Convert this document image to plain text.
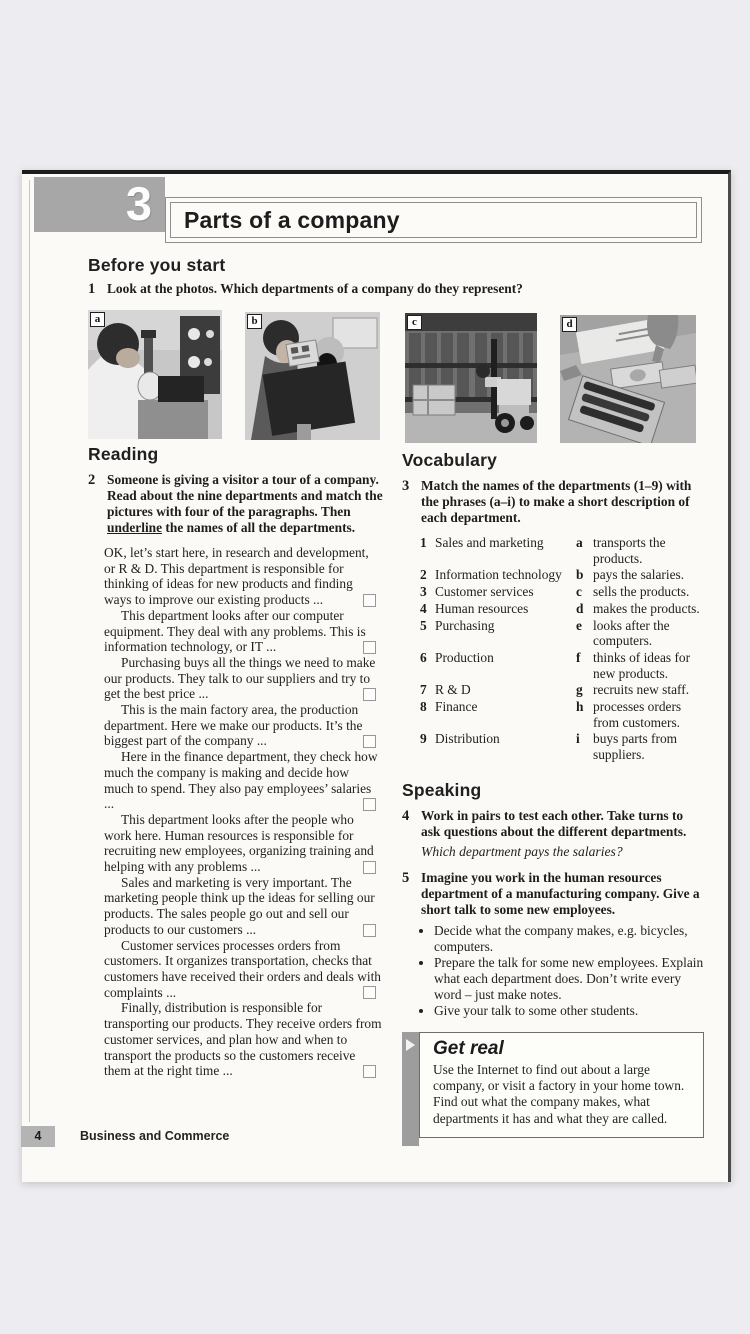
3	Parts of a company
Before you start
1 Look at the photos. Which departments of a company do they represent?
a	b	c	d
Reading
2 Someone is giving a visitor a tour of a company. Read about the nine departments and match the pictures with four of the paragraphs. Then underline the names of all the departments.

OK, let’s start here, in research and development, or R & D. This department is responsible for thinking of ideas for new products and finding ways to improve our existing products ...

This department looks after our computer equipment. They deal with any problems. This is information technology, or IT ...

Purchasing buys all the things we need to make our products. They talk to our suppliers and try to get the best price ...

This is the main factory area, the production department. Here we make our products. It’s the biggest part of the company ...

Here in the finance department, they check how much the company is making and decide how much to spend. They also pay employees’ salaries ...

This department looks after the people who work here. Human resources is responsible for recruiting new employees, organizing training and helping with any problems ...

Sales and marketing is very important. The marketing people think up the ideas for selling our products. The sales people go out and sell our products to our customers ...

Customer services processes orders from customers. It organizes transportation, checks that customers have received their orders and deals with complaints ...

Finally, distribution is responsible for transporting our products. They receive orders from customer services, and plan how and when to transport the products so the customers receive them at the right time ...

Vocabulary
3 Match the names of the departments (1–9) with the phrases (a–i) to make a short description of each department.
1 Sales and marketing	a transports the products.
2 Information technology	b pays the salaries.
3 Customer services	c sells the products.
4 Human resources	d makes the products.
5 Purchasing	e looks after the computers.
6 Production	f thinks of ideas for new products.
7 R & D	g recruits new staff.
8 Finance	h processes orders from customers.
9 Distribution	i buys parts from suppliers.
Speaking
4 Work in pairs to test each other. Take turns to ask questions about the different departments.
Which department pays the salaries?
5 Imagine you work in the human resources department of a manufacturing company. Give a short talk to some new employees.
• Decide what the company makes, e.g. bicycles, computers.
• Prepare the talk for some new employees. Explain what each department does. Don’t write every word – just make notes.
• Give your talk to some other students.
Get real
Use the Internet to find out about a large company, or visit a factory in your home town. Find out what the company makes, what departments it has and what they are called.
4	Business and Commerce
